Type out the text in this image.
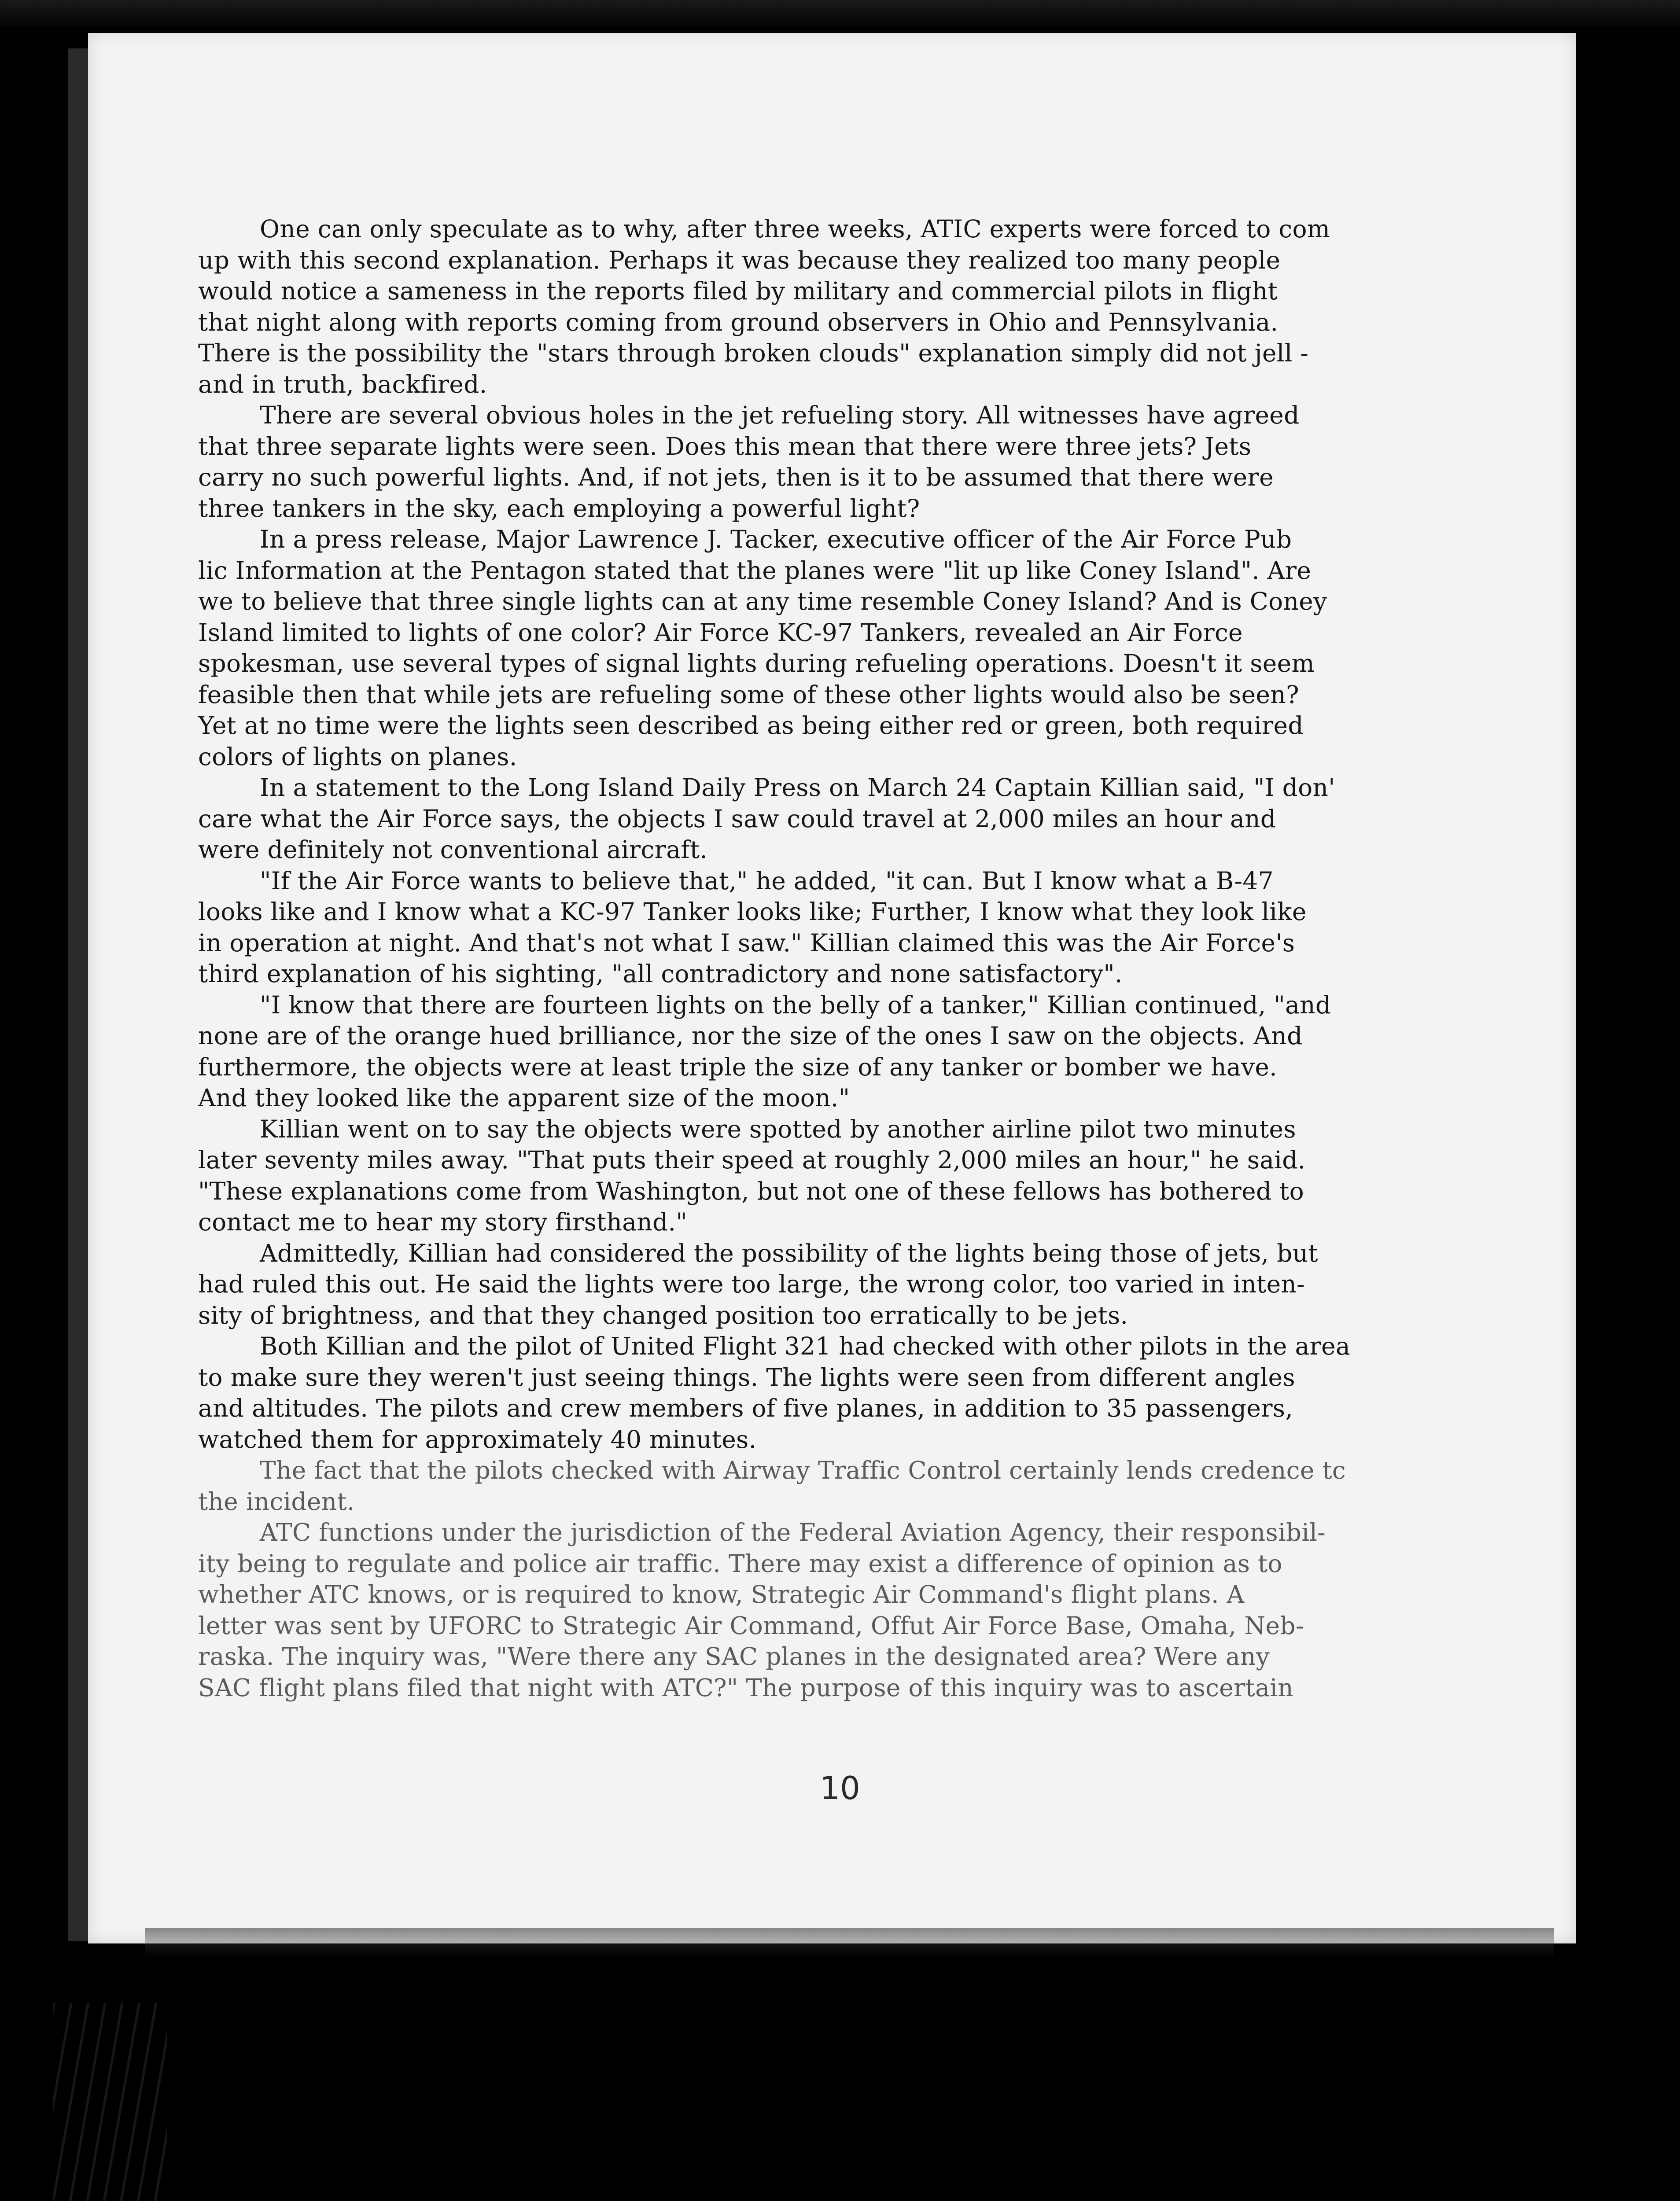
One can only speculate as to why, after three weeks, ATIC experts were forced to com
up with this second explanation. Perhaps it was because they realized too many people
would notice a sameness in the reports filed by military and commercial pilots in flight
that night along with reports coming from ground observers in Ohio and Pennsylvania.
There is the possibility the "stars through broken clouds" explanation simply did not jell -
and in truth, backfired.

There are several obvious holes in the jet refueling story. All witnesses have agreed
that three separate lights were seen. Does this mean that there were three jets? Jets
carry no such powerful lights. And, if not jets, then is it to be assumed that there were
three tankers in the sky, each employing a powerful light?

In a press release, Major Lawrence J. Tacker, executive officer of the Air Force Pub
lic Information at the Pentagon stated that the planes were "lit up like Coney Island". Are
we to believe that three single lights can at any time resemble Coney Island? And is Coney
Island limited to lights of one color? Air Force KC-97 Tankers, revealed an Air Force
spokesman, use several types of signal lights during refueling operations. Doesn't it seem
feasible then that while jets are refueling some of these other lights would also be seen?
Yet at no time were the lights seen described as being either red or green, both required
colors of lights on planes.

In a statement to the Long Island Daily Press on March 24 Captain Killian said, "I don'
care what the Air Force says, the objects I saw could travel at 2,000 miles an hour and
were definitely not conventional aircraft.

"If the Air Force wants to believe that," he added, "it can. But I know what a B-47
looks like and I know what a KC-97 Tanker looks like; Further, I know what they look like
in operation at night. And that's not what I saw." Killian claimed this was the Air Force's
third explanation of his sighting, "all contradictory and none satisfactory".

"I know that there are fourteen lights on the belly of a tanker," Killian continued, "and
none are of the orange hued brilliance, nor the size of the ones I saw on the objects. And
furthermore, the objects were at least triple the size of any tanker or bomber we have.
And they looked like the apparent size of the moon."

Killian went on to say the objects were spotted by another airline pilot two minutes
later seventy miles away. "That puts their speed at roughly 2,000 miles an hour," he said.
"These explanations come from Washington, but not one of these fellows has bothered to
contact me to hear my story firsthand."

Admittedly, Killian had considered the possibility of the lights being those of jets, but
had ruled this out. He said the lights were too large, the wrong color, too varied in inten-
sity of brightness, and that they changed position too erratically to be jets.

Both Killian and the pilot of United Flight 321 had checked with other pilots in the area
to make sure they weren't just seeing things. The lights were seen from different angles
and altitudes. The pilots and crew members of five planes, in addition to 35 passengers,
watched them for approximately 40 minutes.

The fact that the pilots checked with Airway Traffic Control certainly lends credence tc
the incident.

ATC functions under the jurisdiction of the Federal Aviation Agency, their responsibil-
ity being to regulate and police air traffic. There may exist a difference of opinion as to
whether ATC knows, or is required to know, Strategic Air Command's flight plans. A
letter was sent by UFORC to Strategic Air Command, Offut Air Force Base, Omaha, Neb-
raska. The inquiry was, "Were there any SAC planes in the designated area? Were any
SAC flight plans filed that night with ATC?" The purpose of this inquiry was to ascertain

10
